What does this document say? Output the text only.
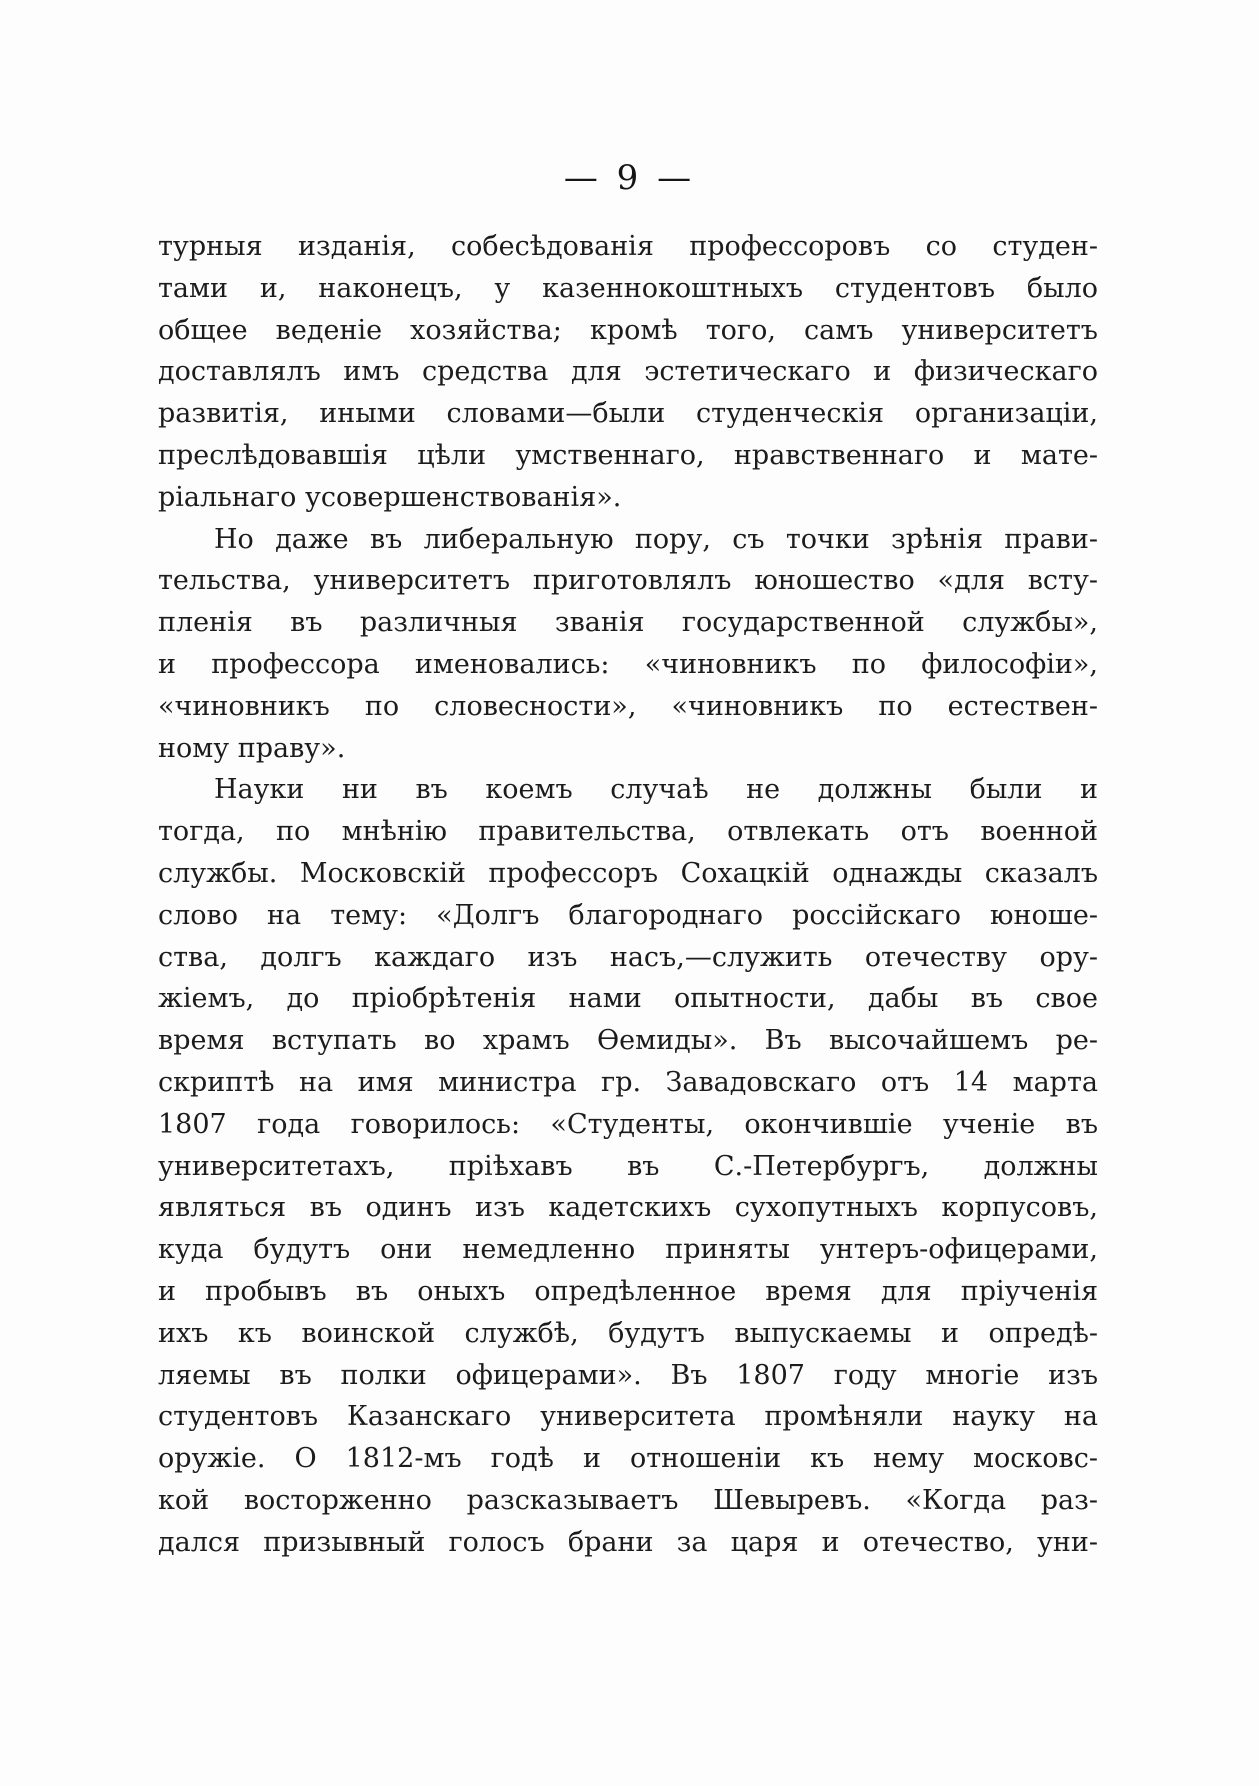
— 9 —
турныя изданія, собесѣдованія профессоровъ со студен-
тами и, наконецъ, у казеннокоштныхъ студентовъ было
общее веденіе хозяйства; кромѣ того, самъ университетъ
доставлялъ имъ средства для эстетическаго и физическаго
развитія, иными словами—были студенческія организаціи,
преслѣдовавшія цѣли умственнаго, нравственнаго и мате-
ріальнаго усовершенствованія».
Но даже въ либеральную пору, съ точки зрѣнія прави-
тельства, университетъ приготовлялъ юношество «для всту-
пленія въ различныя званія государственной службы»,
и профессора именовались: «чиновникъ по философіи»,
«чиновникъ по словесности», «чиновникъ по естествен-
ному праву».
Науки ни въ коемъ случаѣ не должны были и
тогда, по мнѣнію правительства, отвлекать отъ военной
службы. Московскій профессоръ Сохацкій однажды сказалъ
слово на тему: «Долгъ благороднаго россійскаго юноше-
ства, долгъ каждаго изъ насъ,—служить отечеству ору-
жіемъ, до пріобрѣтенія нами опытности, дабы въ свое
время вступать во храмъ Ѳемиды». Въ высочайшемъ ре-
скриптѣ на имя министра гр. Завадовскаго отъ 14 марта
1807 года говорилось: «Студенты, окончившіе ученіе въ
университетахъ, пріѣхавъ въ С.-Петербургъ, должны
являться въ одинъ изъ кадетскихъ сухопутныхъ корпусовъ,
куда будутъ они немедленно приняты унтеръ-офицерами,
и пробывъ въ оныхъ опредѣленное время для пріученія
ихъ къ воинской службѣ, будутъ выпускаемы и опредѣ-
ляемы въ полки офицерами». Въ 1807 году многіе изъ
студентовъ Казанскаго университета промѣняли науку на
оружіе. О 1812-мъ годѣ и отношеніи къ нему московс-
кой восторженно разсказываетъ Шевыревъ. «Когда раз-
дался призывный голосъ брани за царя и отечество, уни-
